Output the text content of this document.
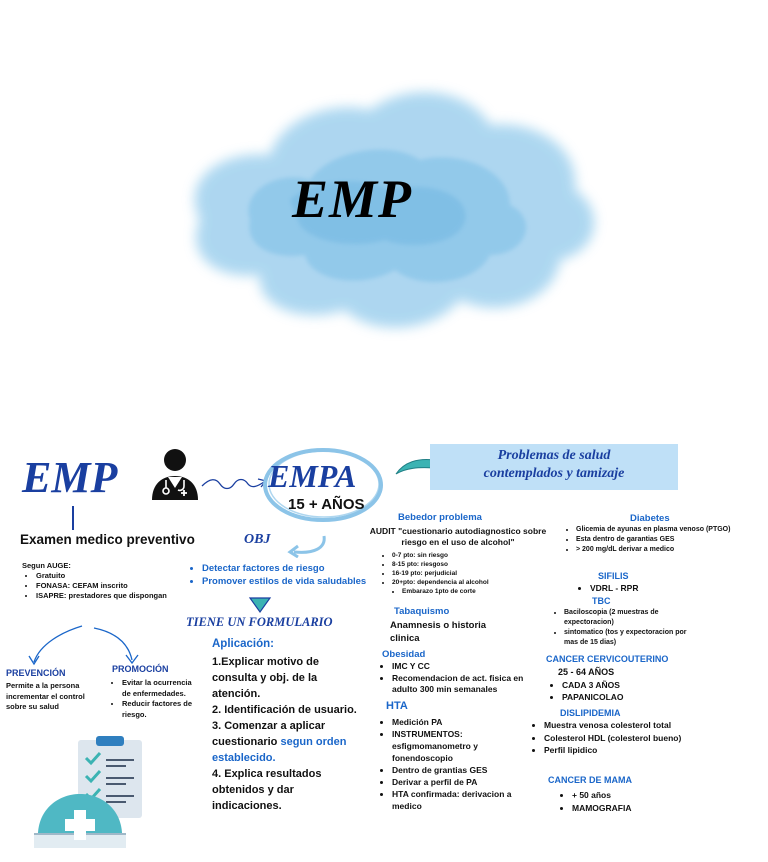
EMP
EMP	EMPA
15 + AÑOS
Problemas de salud
contemplados y tamizaje
Examen medico preventivo
Segun AUGE:
• Gratuito
• FONASA: CEFAM inscrito
• ISAPRE: prestadores que dispongan
OBJ
• Detectar factores de riesgo
• Promover estilos de vida saludables
TIENE UN FORMULARIO
Aplicación:
1.Explicar motivo de consulta y obj. de la atención.
2. Identificación de usuario.
3. Comenzar a aplicar cuestionario segun orden establecido.
4. Explica resultados obtenidos y dar indicaciones.
PREVENCIÓN
Permite a la persona incrementar el control sobre su salud
PROMOCIÓN
• Evitar la ocurrencia de enfermedades.
• Reducir factores de riesgo.
Bebedor problema
AUDIT "cuestionario autodiagnostico sobre riesgo en el uso de alcohol"
• 0-7 pto: sin riesgo
• 8-15 pto: riesgoso
• 16-19 pto: perjudicial
• 20+pto: dependencia al alcohol
• Embarazo 1pto de corte
Tabaquismo
Anamnesis o historia clinica
Obesidad
• IMC Y CC
• Recomendacion de act. fisica en adulto 300 min semanales
HTA
• Medición PA
• INSTRUMENTOS: esfigmomanometro y fonendoscopio
• Dentro de grantias GES
• Derivar a perfil de PA
• HTA confirmada: derivacion a medico
Diabetes
• Glicemia de ayunas en plasma venoso (PTGO)
• Esta dentro de garantias GES
• > 200 mg/dL derivar a medico
SIFILIS
• VDRL - RPR
TBC
• Baciloscopia (2 muestras de expectoracion)
• sintomatico (tos y expectoracion por mas de 15 dias)
CANCER CERVICOUTERINO
25 - 64 AÑOS
• CADA 3 AÑOS
• PAPANICOLAO
DISLIPIDEMIA
• Muestra venosa colesterol total
• Colesterol HDL (colesterol bueno)
• Perfil lipidico
CANCER DE MAMA
• + 50 años
• MAMOGRAFIA
